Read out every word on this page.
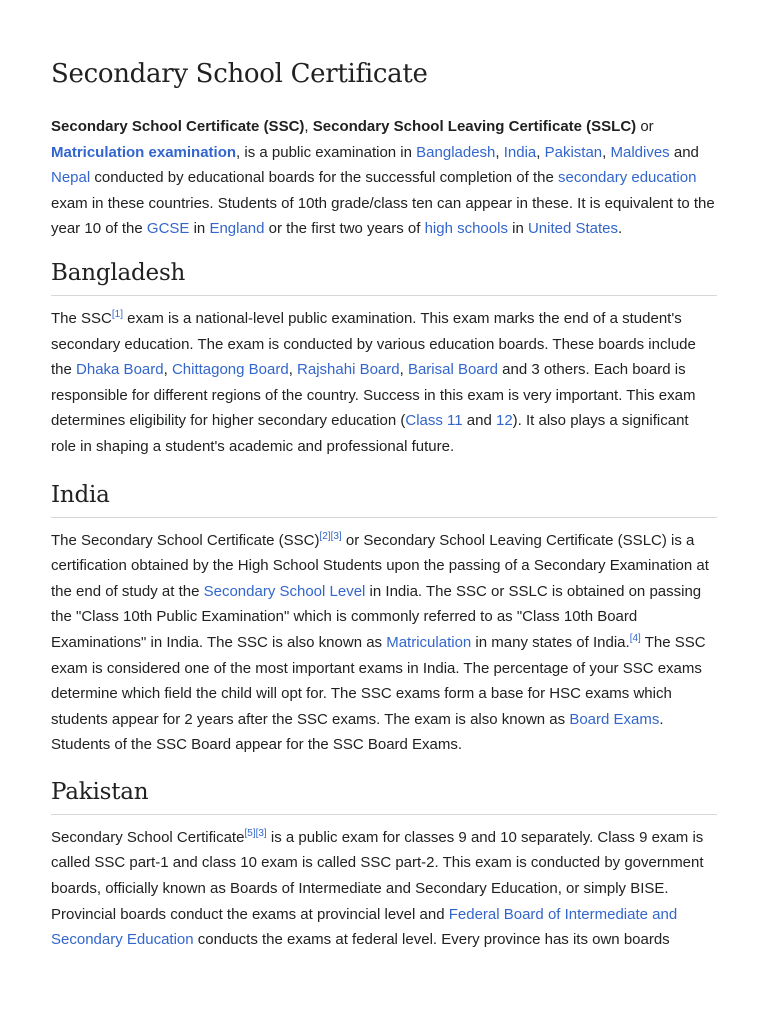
Secondary School Certificate

Secondary School Certificate (SSC), Secondary School Leaving Certificate (SSLC) or Matriculation examination, is a public examination in Bangladesh, India, Pakistan, Maldives and Nepal conducted by educational boards for the successful completion of the secondary education exam in these countries. Students of 10th grade/class ten can appear in these. It is equivalent to the year 10 of the GCSE in England or the first two years of high schools in United States.

Bangladesh

The SSC[1] exam is a national-level public examination. This exam marks the end of a student's secondary education. The exam is conducted by various education boards. These boards include the Dhaka Board, Chittagong Board, Rajshahi Board, Barisal Board and 3 others. Each board is responsible for different regions of the country. Success in this exam is very important. This exam determines eligibility for higher secondary education (Class 11 and 12). It also plays a significant role in shaping a student's academic and professional future.

India

The Secondary School Certificate (SSC)[2][3] or Secondary School Leaving Certificate (SSLC) is a certification obtained by the High School Students upon the passing of a Secondary Examination at the end of study at the Secondary School Level in India. The SSC or SSLC is obtained on passing the "Class 10th Public Examination" which is commonly referred to as "Class 10th Board Examinations" in India. The SSC is also known as Matriculation in many states of India.[4] The SSC exam is considered one of the most important exams in India. The percentage of your SSC exams determine which field the child will opt for. The SSC exams form a base for HSC exams which students appear for 2 years after the SSC exams. The exam is also known as Board Exams. Students of the SSC Board appear for the SSC Board Exams.

Pakistan

Secondary School Certificate[5][3] is a public exam for classes 9 and 10 separately. Class 9 exam is called SSC part-1 and class 10 exam is called SSC part-2. This exam is conducted by government boards, officially known as Boards of Intermediate and Secondary Education, or simply BISE. Provincial boards conduct the exams at provincial level and Federal Board of Intermediate and Secondary Education conducts the exams at federal level. Every province has its own boards
